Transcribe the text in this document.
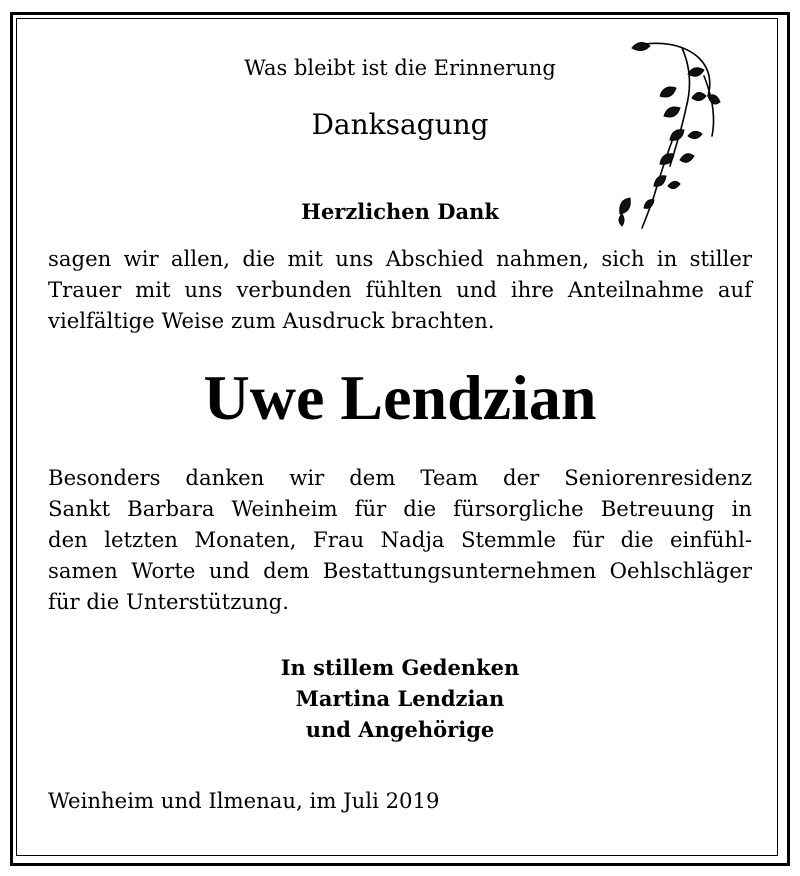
Was bleibt ist die Erinnerung
Danksagung
Herzlichen Dank
sagen wir allen, die mit uns Abschied nahmen, sich in stiller
Trauer mit uns verbunden fühlten und ihre Anteilnahme auf
vielfältige Weise zum Ausdruck brachten.
Uwe Lendzian
Besonders danken wir dem Team der Seniorenresidenz
Sankt Barbara Weinheim für die fürsorgliche Betreuung in
den letzten Monaten, Frau Nadja Stemmle für die einfühl-
samen Worte und dem Bestattungsunternehmen Oehlschläger
für die Unterstützung.
In stillem Gedenken
Martina Lendzian
und Angehörige
Weinheim und Ilmenau, im Juli 2019
